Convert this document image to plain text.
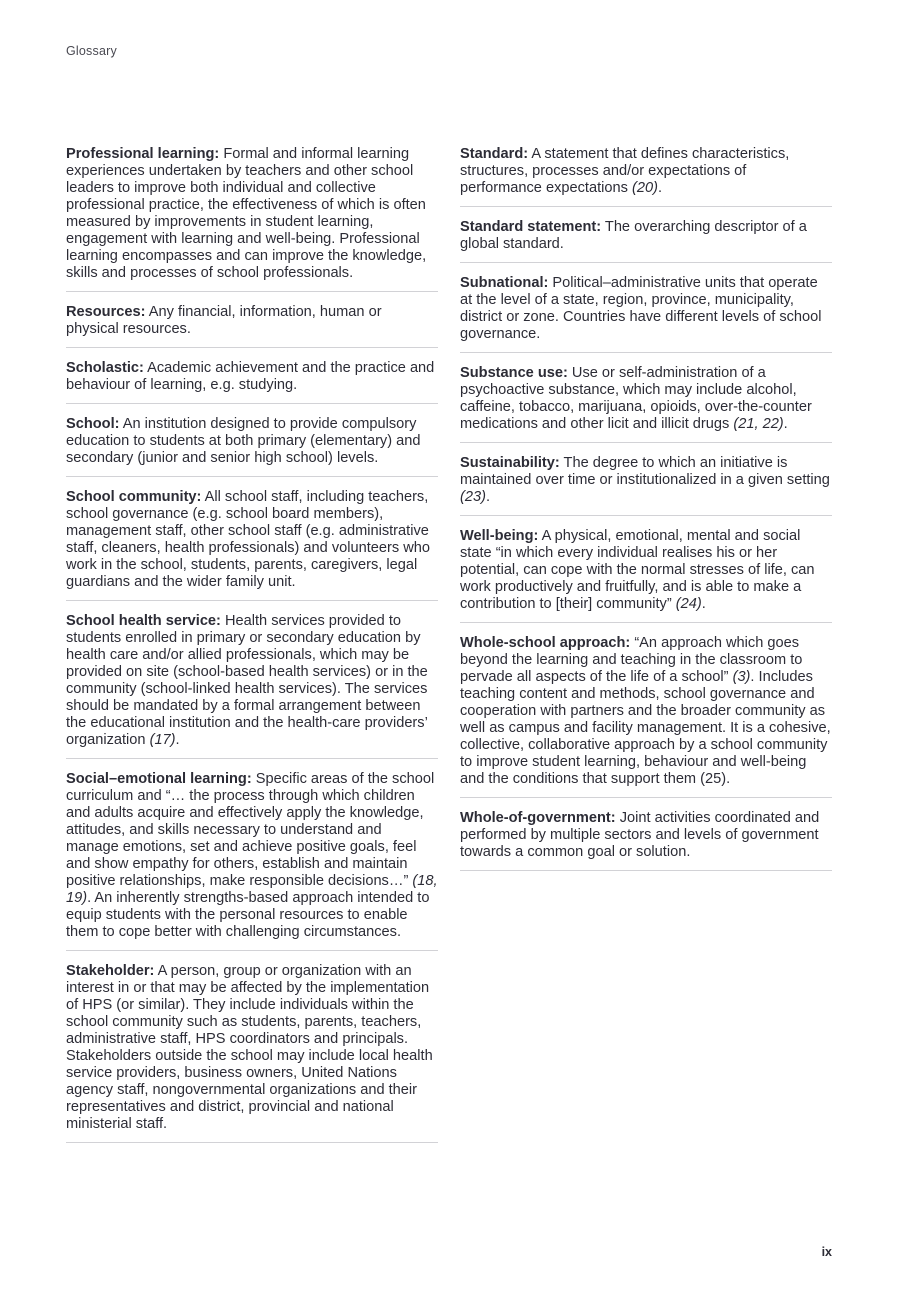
Glossary
Professional learning: Formal and informal learning experiences undertaken by teachers and other school leaders to improve both individual and collective professional practice, the effectiveness of which is often measured by improvements in student learning, engagement with learning and well-being. Professional learning encompasses and can improve the knowledge, skills and processes of school professionals.
Resources: Any financial, information, human or physical resources.
Scholastic: Academic achievement and the practice and behaviour of learning, e.g. studying.
School: An institution designed to provide compulsory education to students at both primary (elementary) and secondary (junior and senior high school) levels.
School community: All school staff, including teachers, school governance (e.g. school board members), management staff, other school staff (e.g. administrative staff, cleaners, health professionals) and volunteers who work in the school, students, parents, caregivers, legal guardians and the wider family unit.
School health service: Health services provided to students enrolled in primary or secondary education by health care and/or allied professionals, which may be provided on site (school-based health services) or in the community (school-linked health services). The services should be mandated by a formal arrangement between the educational institution and the health-care providers’ organization (17).
Social–emotional learning: Specific areas of the school curriculum and “… the process through which children and adults acquire and effectively apply the knowledge, attitudes, and skills necessary to understand and manage emotions, set and achieve positive goals, feel and show empathy for others, establish and maintain positive relationships, make responsible decisions…” (18, 19). An inherently strengths-based approach intended to equip students with the personal resources to enable them to cope better with challenging circumstances.
Stakeholder: A person, group or organization with an interest in or that may be affected by the implementation of HPS (or similar). They include individuals within the school community such as students, parents, teachers, administrative staff, HPS coordinators and principals. Stakeholders outside the school may include local health service providers, business owners, United Nations agency staff, nongovernmental organizations and their representatives and district, provincial and national ministerial staff.
Standard: A statement that defines characteristics, structures, processes and/or expectations of performance expectations (20).
Standard statement: The overarching descriptor of a global standard.
Subnational: Political–administrative units that operate at the level of a state, region, province, municipality, district or zone. Countries have different levels of school governance.
Substance use: Use or self-administration of a psychoactive substance, which may include alcohol, caffeine, tobacco, marijuana, opioids, over-the-counter medications and other licit and illicit drugs (21, 22).
Sustainability: The degree to which an initiative is maintained over time or institutionalized in a given setting (23).
Well-being: A physical, emotional, mental and social state “in which every individual realises his or her potential, can cope with the normal stresses of life, can work productively and fruitfully, and is able to make a contribution to [their] community” (24).
Whole-school approach: “An approach which goes beyond the learning and teaching in the classroom to pervade all aspects of the life of a school” (3). Includes teaching content and methods, school governance and cooperation with partners and the broader community as well as campus and facility management. It is a cohesive, collective, collaborative approach by a school community to improve student learning, behaviour and well-being and the conditions that support them (25).
Whole-of-government: Joint activities coordinated and performed by multiple sectors and levels of government towards a common goal or solution.
ix
